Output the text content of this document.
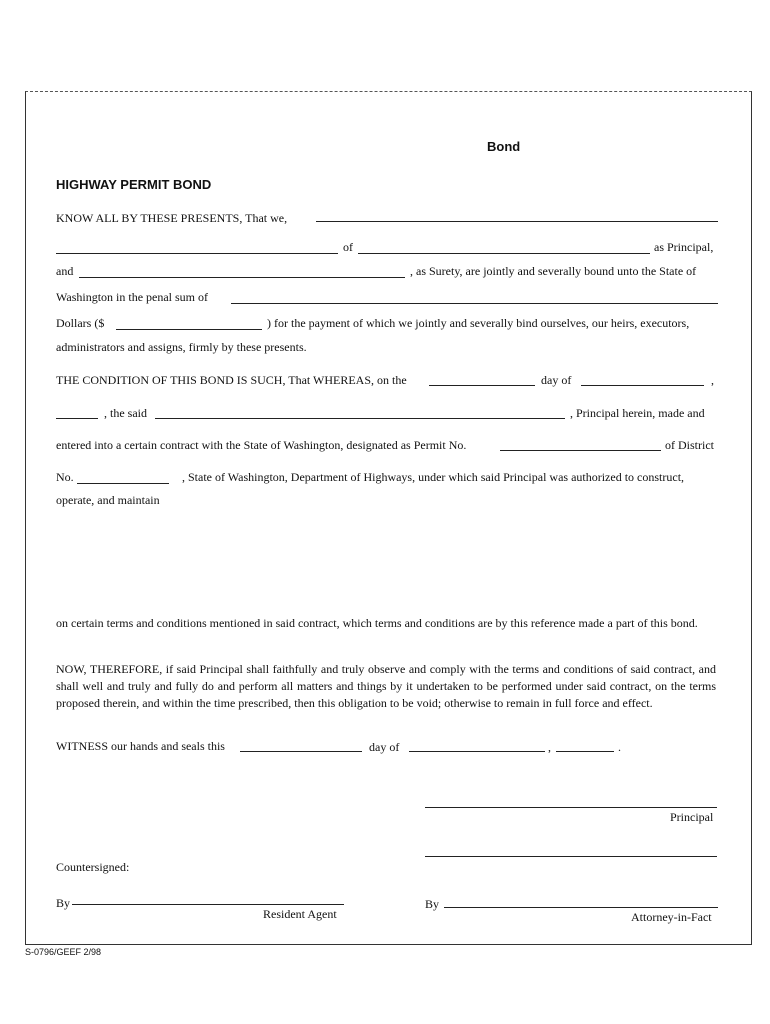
Bond
HIGHWAY PERMIT BOND
KNOW ALL BY THESE PRESENTS, That we,
of	as Principal,
and	, as Surety, are jointly and severally bound unto the State of
Washington in the penal sum of
Dollars ($	) for the payment of which we jointly and severally bind ourselves, our heirs, executors,
administrators and assigns, firmly by these presents.
THE CONDITION OF THIS BOND IS SUCH, That WHEREAS, on the	day of	,
, the said	, Principal herein, made and
entered into a certain contract with the State of Washington, designated as Permit No.	of District
No.	, State of Washington, Department of Highways, under which said Principal was authorized to construct,
operate, and maintain
on certain terms and conditions mentioned in said contract, which terms and conditions are by this reference made a part of this bond.
NOW, THEREFORE, if said Principal shall faithfully and truly observe and comply with the terms and conditions of said contract, and shall well and truly and fully do and perform all matters and things by it undertaken to be performed under said contract, on the terms proposed therein, and within the time prescribed, then this obligation to be void; otherwise to remain in full force and effect.
WITNESS our hands and seals this	day of	,	.
Principal
Countersigned:
By
Resident Agent
By
Attorney-in-Fact
S-0796/GEEF 2/98
